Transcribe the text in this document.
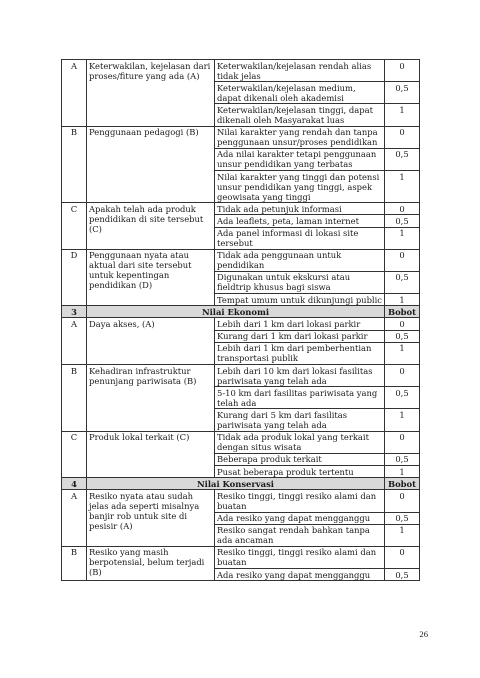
A	Keterwakilan, kejelasan dari proses/fiture yang ada (A)	Keterwakilan/kejelasan rendah alias tidak jelas	0
		Keterwakilan/kejelasan medium, dapat dikenali oleh akademisi	0,5
		Keterwakilan/kejelasan tinggi, dapat dikenali oleh Masyarakat luas	1
B	Penggunaan pedagogi (B)	Nilai karakter yang rendah dan tanpa penggunaan unsur/proses pendidikan	0
		Ada nilai karakter tetapi penggunaan unsur pendidikan yang terbatas	0,5
		Nilai karakter yang tinggi dan potensi unsur pendidikan yang tinggi, aspek geowisata yang tinggi	1
C	Apakah telah ada produk pendidikan di site tersebut (C)	Tidak ada petunjuk informasi	0
		Ada leaflets, peta, laman internet	0,5
		Ada panel informasi di lokasi site tersebut	1
D	Penggunaan nyata atau aktual dari site tersebut untuk kepentingan pendidikan (D)	Tidak ada penggunaan untuk pendidikan	0
		Digunakan untuk ekskursi atau fieldtrip khusus bagi siswa	0,5
		Tempat umum untuk dikunjungi public	1
3	Nilai Ekonomi		Bobot
A	Daya akses, (A)	Lebih dari 1 km dari lokasi parkir	0
		Kurang dari 1 km dari lokasi parkir	0,5
		Lebih dari 1 km dari pemberhentian transportasi publik	1
B	Kehadiran infrastruktur penunjang pariwisata (B)	Lebih dari 10 km dari lokasi fasilitas pariwisata yang telah ada	0
		5-10 km dari fasilitas pariwisata yang telah ada	0,5
		Kurang dari 5 km dari fasilitas pariwisata yang telah ada	1
C	Produk lokal terkait (C)	Tidak ada produk lokal yang terkait dengan situs wisata	0
		Beberapa produk terkait	0,5
		Pusat beberapa produk tertentu	1
4	Nilai Konservasi		Bobot
A	Resiko nyata atau sudah jelas ada seperti misalnya banjir rob untuk site di pesisir (A)	Resiko tinggi, tinggi resiko alami dan buatan	0
		Ada resiko yang dapat mengganggu	0,5
		Resiko sangat rendah bahkan tanpa ada ancaman	1
B	Resiko yang masih berpotensial, belum terjadi (B)	Resiko tinggi, tinggi resiko alami dan buatan	0
		Ada resiko yang dapat mengganggu	0,5
26
